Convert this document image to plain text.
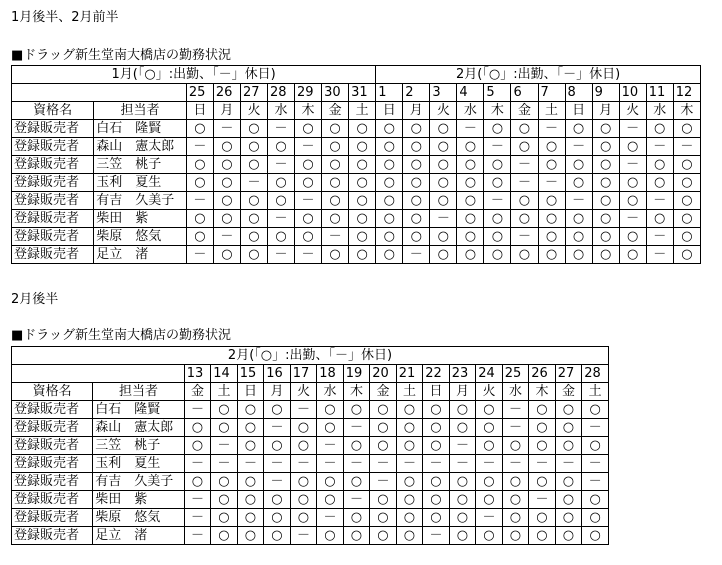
1月後半、2月前半
■ドラッグ新生堂南大橋店の勤務状況
1月(「○」:出勤、「－」休日)									2月(「○」:出勤、「－」休日)											
		25	26	27	28	29	30	31	1	2	3	4	5	6	7	8	9	10	11	12
資格名	担当者	日	月	火	水	木	金	土	日	月	火	水	木	金	土	日	月	火	水	木
登録販売者	白石　隆賢	○	－	○	－	○	○	○	○	○	○	－	○	○	－	○	○	－	○	○
登録販売者	森山　憲太郎	－	○	○	○	－	○	○	○	○	○	○	－	○	○	－	○	○	－	－
登録販売者	三笠　桃子	○	○	○	－	○	○	○	○	○	○	○	○	－	○	○	○	－	○	○
登録販売者	玉利　夏生	○	○	－	○	○	○	○	○	○	○	○	○	－	－	○	○	○	○	○
登録販売者	有吉　久美子	－	○	○	○	－	○	○	○	○	○	○	－	○	○	－	○	○	－	○
登録販売者	柴田　紫	○	○	○	－	○	○	○	○	○	－	○	○	○	○	○	○	－	○	○
登録販売者	柴原　悠気	○	－	○	○	○	－	○	○	○	○	○	○	－	○	○	○	○	－	○
登録販売者	足立　渚	－	○	○	－	－	○	○	○	－	○	○	○	○	○	○	○	○	－	○
2月後半
■ドラッグ新生堂南大橋店の勤務状況
2月(「○」:出勤、「－」休日)																	
		13	14	15	16	17	18	19	20	21	22	23	24	25	26	27	28
資格名	担当者	金	土	日	月	火	水	木	金	土	日	月	火	水	木	金	土
登録販売者	白石　隆賢	－	○	○	○	－	○	○	○	○	○	○	○	－	○	○	○
登録販売者	森山　憲太郎	○	○	○	－	○	○	－	○	○	○	○	○	－	○	○	－
登録販売者	三笠　桃子	○	－	○	○	○	－	○	○	○	○	－	○	○	○	○	○
登録販売者	玉利　夏生	－	－	－	－	－	－	－	－	－	－	－	－	－	－	－	－
登録販売者	有吉　久美子	○	○	○	－	○	○	○	－	○	○	○	○	○	○	○	－
登録販売者	柴田　紫	－	○	○	○	○	○	－	○	○	○	○	○	○	－	○	○
登録販売者	柴原　悠気	－	○	○	○	○	－	○	○	○	○	○	－	○	○	○	○
登録販売者	足立　渚	－	○	○	○	－	○	○	○	○	－	○	○	○	○	○	○
